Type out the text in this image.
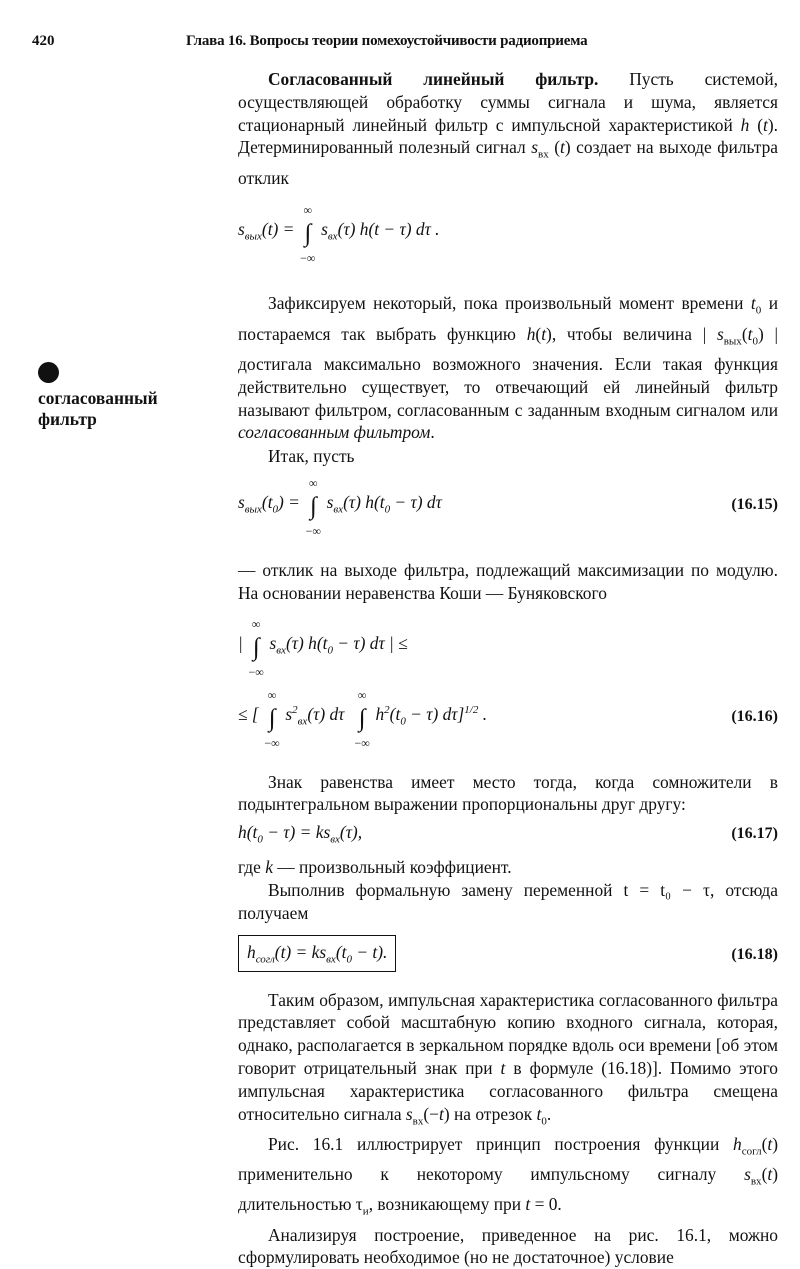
420	Глава 16. Вопросы теории помехоустойчивости радиоприема
согласованный
фильтр

Согласованный линейный фильтр. Пусть системой, осуществляющей обработку суммы сигнала и шума, является стационарный линейный фильтр с импульсной характеристикой h (t). Детерминированный полезный сигнал $s_{вх}$ (t) создает на выходе фильтра отклик

$s_{вых}(t)$ = ∫
∞
−∞
$s_{вх}(\tau) h(t - \tau)$ dτ .

Зафиксируем некоторый, пока произвольный момент времени $t_0$ и постараемся так выбрать функцию h(t), чтобы величина | $s_{вых}(t_0)$ | достигала максимально возможного значения. Если такая функция действительно существует, то отвечающий ей линейный фильтр называют фильтром, согласованным с заданным входным сигналом или согласованным фильтром.

Итак, пусть

$s_{вых}(t_0)$ = ∫
∞
−∞
$s_{вх}(\tau) h(t_0 - \tau)$ dτ	(16.15)

— отклик на выходе фильтра, подлежащий максимизации по модулю. На основании неравенства Коши — Буняковского

| ∫
∞
−∞
$s_{вх}(\tau) h(t_0 - \tau)$ dτ | ≤
≤ [ ∫
∞
−∞
$s^2_{вх}(\tau)$ dτ  ∫
∞
−∞
$h^2(t_0 - \tau)$ dτ]$^{1/2}$ .	(16.16)

Знак равенства имеет место тогда, когда сомножители в подынтегральном выражении пропорциональны друг другу:

$h(t_0 - \tau) = ks_{вх}(\tau)$,	(16.17)

где k — произвольный коэффициент.

Выполнив формальную замену переменной t = t₀ − τ, отсюда получаем

$h_{согл}(t) = ks_{вх}(t_0 - t)$.	(16.18)

Таким образом, импульсная характеристика согласованного фильтра представляет собой масштабную копию входного сигнала, которая, однако, располагается в зеркальном порядке вдоль оси времени [об этом говорит отрицательный знак при t в формуле (16.18)]. Помимо этого импульсная характеристика согласованного фильтра смещена относительно сигнала $s_{вх}(-t)$ на отрезок $t_0$.

Рис. 16.1 иллюстрирует принцип построения функции $h_{согл}(t)$ применительно к некоторому импульсному сигналу $s_{вх}(t)$ длительностью $\tau_и$, возникающему при t = 0.

Анализируя построение, приведенное на рис. 16.1, можно сформулировать необходимое (но не достаточное) условие
